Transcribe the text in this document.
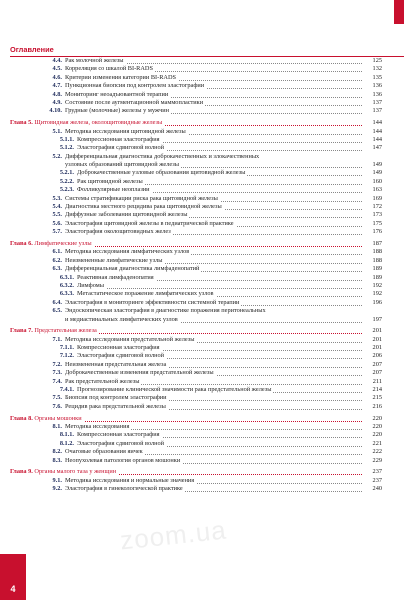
Оглавление
4.4. Рак молочной железы	125
4.5. Корреляция со шкалой BI-RADS	132
4.6. Критерии изменения категории BI-RADS	135
4.7. Пункционная биопсия под контролем эластографии	136
4.8. Мониторинг неоадъювантной терапии	136
4.9. Состояние после аугментационной маммопластики	137
4.10. Грудные (молочные) железы у мужчин	137
Глава 5. Щитовидная железа, околощитовидные железы	144
5.1. Методика исследования щитовидной железы	144
5.1.1. Компрессионная эластография	144
5.1.2. Эластография сдвиговой волной	147
5.2. Дифференциальная диагностика доброкачественных и злокачественных
узловых образований щитовидной железы	149
5.2.1. Доброкачественные узловые образования щитовидной железы	149
5.2.2. Рак щитовидной железы	160
5.2.3. Фолликулярные неоплазии	163
5.3. Системы стратификации риска рака щитовидной железы	169
5.4. Диагностика местного рецидива рака щитовидной железы	172
5.5. Диффузные заболевания щитовидной железы	173
5.6. Эластография щитовидной железы в педиатрической практике	175
5.7. Эластография околощитовидных желез	176
Глава 6. Лимфатические узлы	187
6.1. Методика исследования лимфатических узлов	188
6.2. Неизмененные лимфатические узлы	188
6.3. Дифференциальная диагностика лимфаденопатий	189
6.3.1. Реактивная лимфаденопатия	189
6.3.2. Лимфомы	192
6.3.3. Метастатическое поражение лимфатических узлов	192
6.4. Эластография в мониторинге эффективности системной терапии	196
6.5. Эндоскопическая эластография в диагностике поражения перитонеальных
и медиастинальных лимфатических узлов	197
Глава 7. Предстательная железа	201
7.1. Методика исследования предстательной железы	201
7.1.1. Компрессионная эластография	201
7.1.2. Эластография сдвиговой волной	206
7.2. Неизмененная предстательная железа	207
7.3. Доброкачественные изменения предстательной железы	207
7.4. Рак предстательной железы	211
7.4.1. Прогнозирование клинической значимости рака предстательной железы	214
7.5. Биопсия под контролем эластографии	215
7.6. Рецидив рака предстательной железы	216
Глава 8. Органы мошонки	220
8.1. Методика исследования	220
8.1.1. Компрессионная эластография	220
8.1.2. Эластография сдвиговой волной	221
8.2. Очаговые образования яичек	222
8.3. Неопухолевая патология органов мошонки	229
Глава 9. Органы малого таза у женщин	237
9.1. Методика исследования и нормальные значения	237
9.2. Эластография в гинекологической практике	240
zoom.ua
4
